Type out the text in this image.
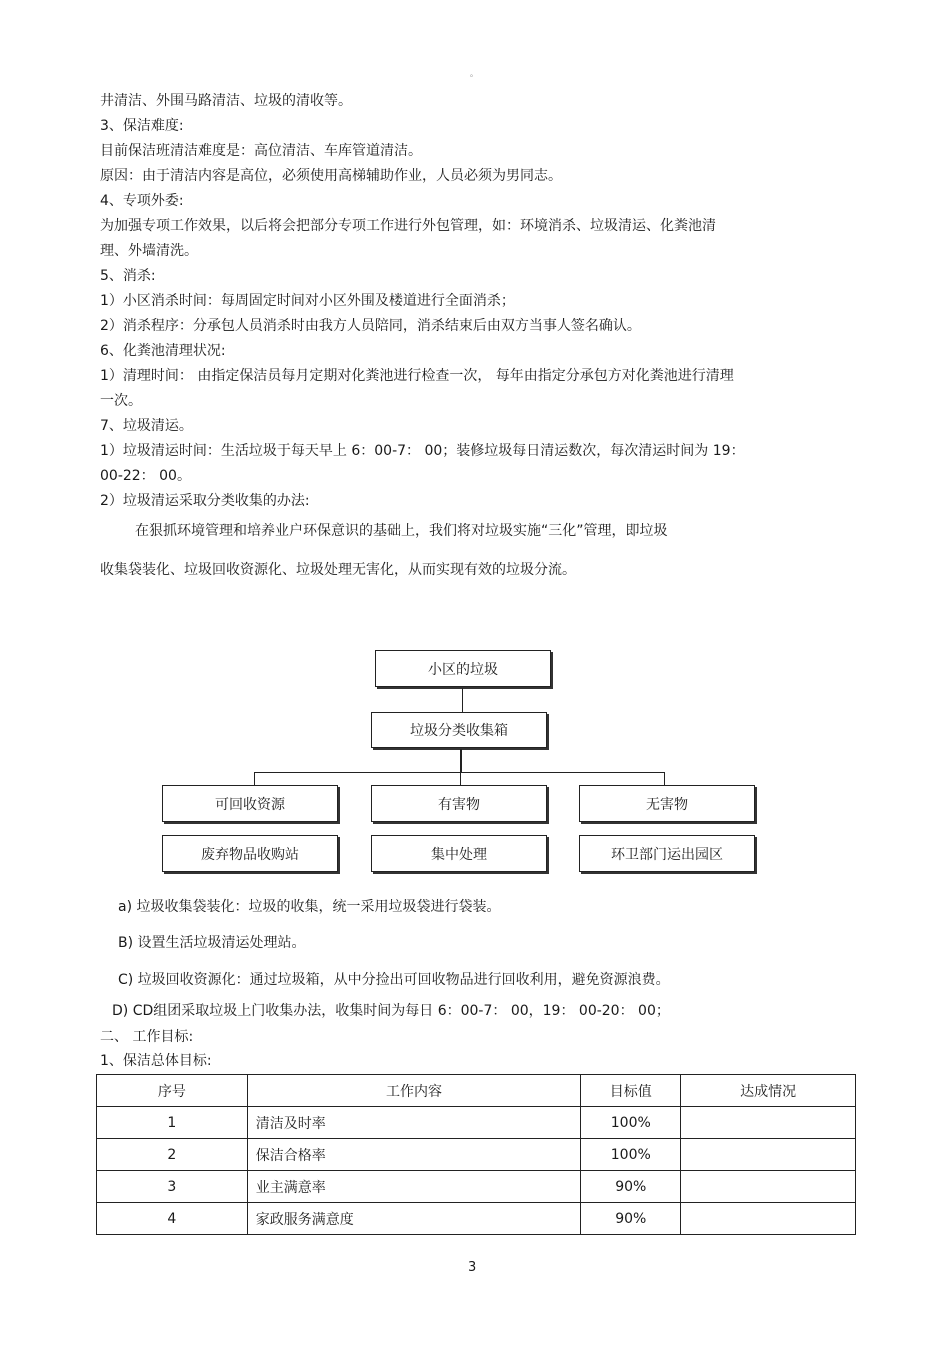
。
井清洁、外围马路清洁、垃圾的清收等。
3、保洁难度:
目前保洁班清洁难度是：高位清洁、车库管道清洁。
原因：由于清洁内容是高位，必须使用高梯辅助作业，人员必须为男同志。
4、专项外委:
为加强专项工作效果，以后将会把部分专项工作进行外包管理，如：环境消杀、垃圾清运、化粪池清
理、外墙清洗。
5、消杀:
1）小区消杀时间：每周固定时间对小区外围及楼道进行全面消杀；
2）消杀程序：分承包人员消杀时由我方人员陪同，消杀结束后由双方当事人签名确认。
6、化粪池清理状况:
1）清理时间： 由指定保洁员每月定期对化粪池进行检查一次， 每年由指定分承包方对化粪池进行清理
一次。
7、垃圾清运。
1）垃圾清运时间：生活垃圾于每天早上 6：00-7： 00；装修垃圾每日清运数次，每次清运时间为 19：
00-22： 00。
2）垃圾清运采取分类收集的办法:
在狠抓环境管理和培养业户环保意识的基础上，我们将对垃圾实施“三化”管理，即垃圾
收集袋装化、垃圾回收资源化、垃圾处理无害化，从而实现有效的垃圾分流。
小区的垃圾
垃圾分类收集箱
可回收资源	有害物	无害物
废弃物品收购站	集中处理	环卫部门运出园区
a) 垃圾收集袋装化：垃圾的收集，统一采用垃圾袋进行袋装。
B) 设置生活垃圾清运处理站。
C) 垃圾回收资源化：通过垃圾箱，从中分捡出可回收物品进行回收利用，避免资源浪费。
D) CD组团采取垃圾上门收集办法，收集时间为每日 6：00-7： 00，19： 00-20： 00；
二、 工作目标:
1、保洁总体目标:
序号	工作内容	目标值	达成情况
1	清洁及时率	100%	
2	保洁合格率	100%	
3	业主满意率	90%	
4	家政服务满意度	90%	
3
